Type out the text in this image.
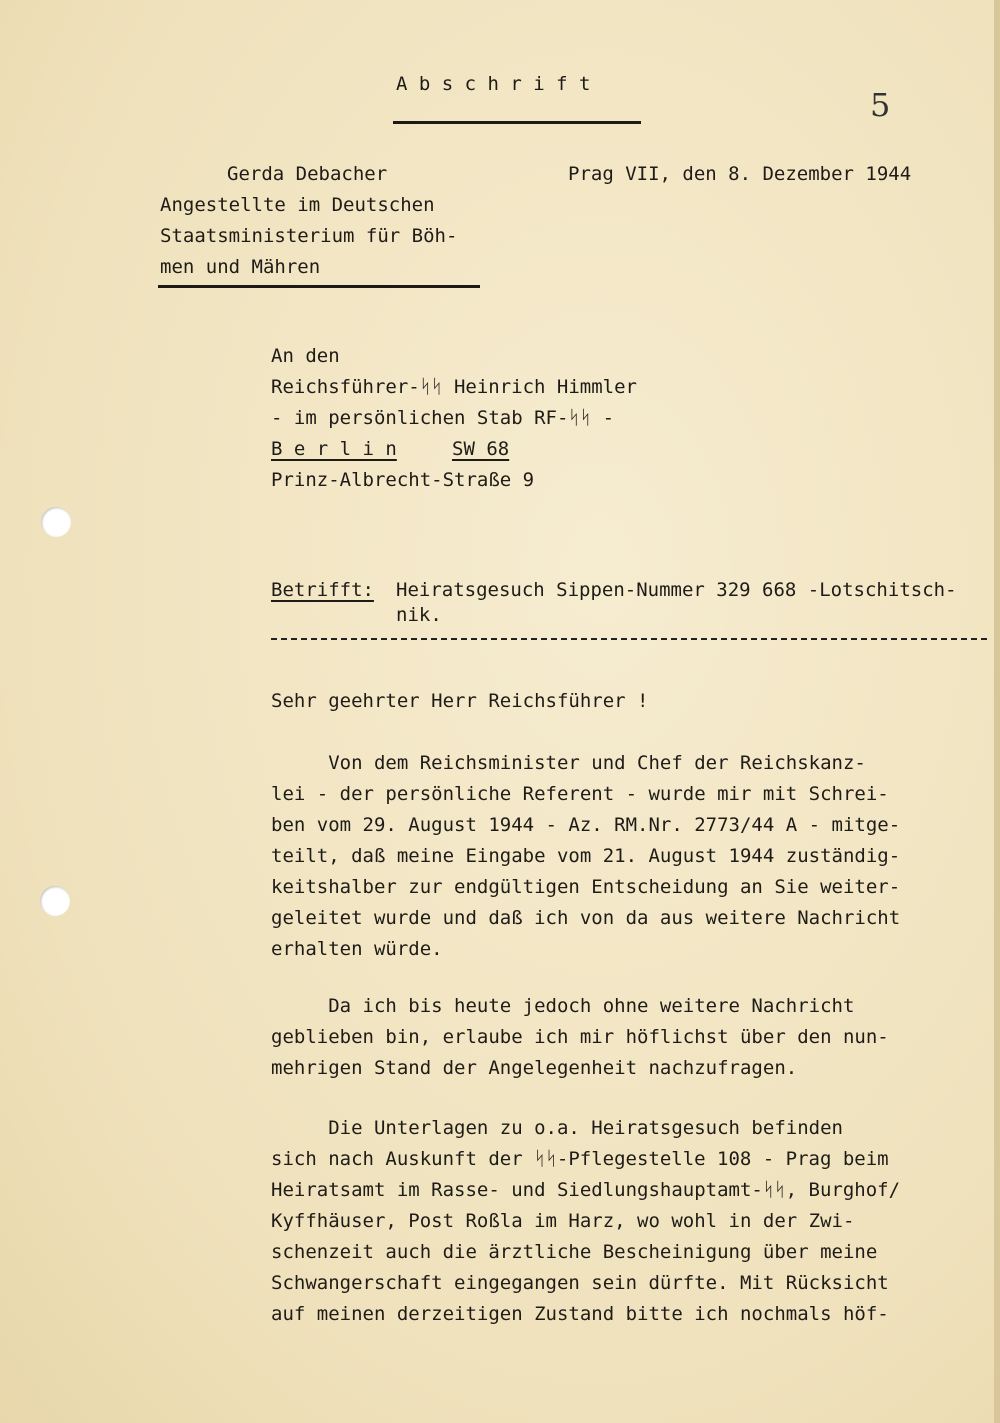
A b s c h r i f t
5
Gerda Debacher
Angestellte im Deutschen
Staatsministerium für Böh-
men und Mähren
Prag VII, den 8. Dezember 1944
An den
Reichsführer-ᛋᛋ Heinrich Himmler
- im persönlichen Stab RF-ᛋᛋ -
B e r l i n	SW 68
Prinz-Albrecht-Straße 9
Betrifft: Heiratsgesuch Sippen-Nummer 329 668 -Lotschitsch-
nik.
Sehr geehrter Herr Reichsführer !
Von dem Reichsminister und Chef der Reichskanz-
lei - der persönliche Referent - wurde mir mit Schrei-
ben vom 29. August 1944 - Az. RM.Nr. 2773/44 A - mitge-
teilt, daß meine Eingabe vom 21. August 1944 zuständig-
keitshalber zur endgültigen Entscheidung an Sie weiter-
geleitet wurde und daß ich von da aus weitere Nachricht
erhalten würde.
Da ich bis heute jedoch ohne weitere Nachricht
geblieben bin, erlaube ich mir höflichst über den nun-
mehrigen Stand der Angelegenheit nachzufragen.
Die Unterlagen zu o.a. Heiratsgesuch befinden
sich nach Auskunft der ᛋᛋ-Pflegestelle 108 - Prag beim
Heiratsamt im Rasse- und Siedlungshauptamt-ᛋᛋ, Burghof/
Kyffhäuser, Post Roßla im Harz, wo wohl in der Zwi-
schenzeit auch die ärztliche Bescheinigung über meine
Schwangerschaft eingegangen sein dürfte. Mit Rücksicht
auf meinen derzeitigen Zustand bitte ich nochmals höf-
